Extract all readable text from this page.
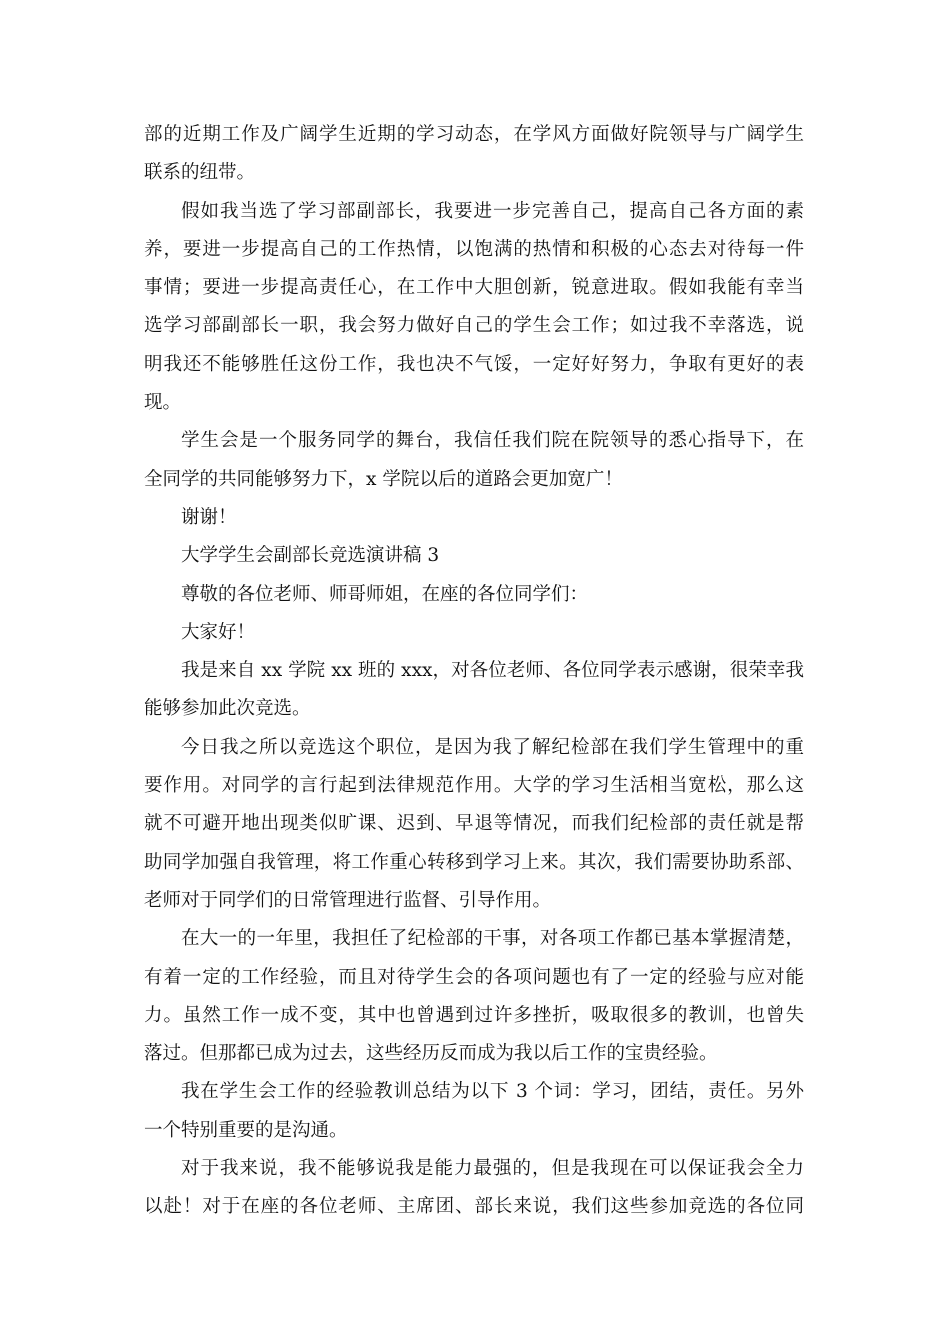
部的近期工作及广阔学生近期的学习动态，在学风方面做好院领导与广阔学生
联系的纽带。
假如我当选了学习部副部长，我要进一步完善自己，提高自己各方面的素
养，要进一步提高自己的工作热情，以饱满的热情和积极的心态去对待每一件
事情；要进一步提高责任心，在工作中大胆创新，锐意进取。假如我能有幸当
选学习部副部长一职，我会努力做好自己的学生会工作；如过我不幸落选，说
明我还不能够胜任这份工作，我也决不气馁，一定好好努力，争取有更好的表
现。
学生会是一个服务同学的舞台，我信任我们院在院领导的悉心指导下，在
全同学的共同能够努力下，x 学院以后的道路会更加宽广！
谢谢！
大学学生会副部长竞选演讲稿 3
尊敬的各位老师、师哥师姐，在座的各位同学们：
大家好！
我是来自 xx 学院 xx 班的 xxx，对各位老师、各位同学表示感谢，很荣幸我
能够参加此次竞选。
今日我之所以竞选这个职位，是因为我了解纪检部在我们学生管理中的重
要作用。对同学的言行起到法律规范作用。大学的学习生活相当宽松，那么这
就不可避开地出现类似旷课、迟到、早退等情况，而我们纪检部的责任就是帮
助同学加强自我管理，将工作重心转移到学习上来。其次，我们需要协助系部、
老师对于同学们的日常管理进行监督、引导作用。
在大一的一年里，我担任了纪检部的干事，对各项工作都已基本掌握清楚，
有着一定的工作经验，而且对待学生会的各项问题也有了一定的经验与应对能
力。虽然工作一成不变，其中也曾遇到过许多挫折，吸取很多的教训，也曾失
落过。但那都已成为过去，这些经历反而成为我以后工作的宝贵经验。
我在学生会工作的经验教训总结为以下 3 个词：学习，团结，责任。另外
一个特别重要的是沟通。
对于我来说，我不能够说我是能力最强的，但是我现在可以保证我会全力
以赴！对于在座的各位老师、主席团、部长来说，我们这些参加竞选的各位同
